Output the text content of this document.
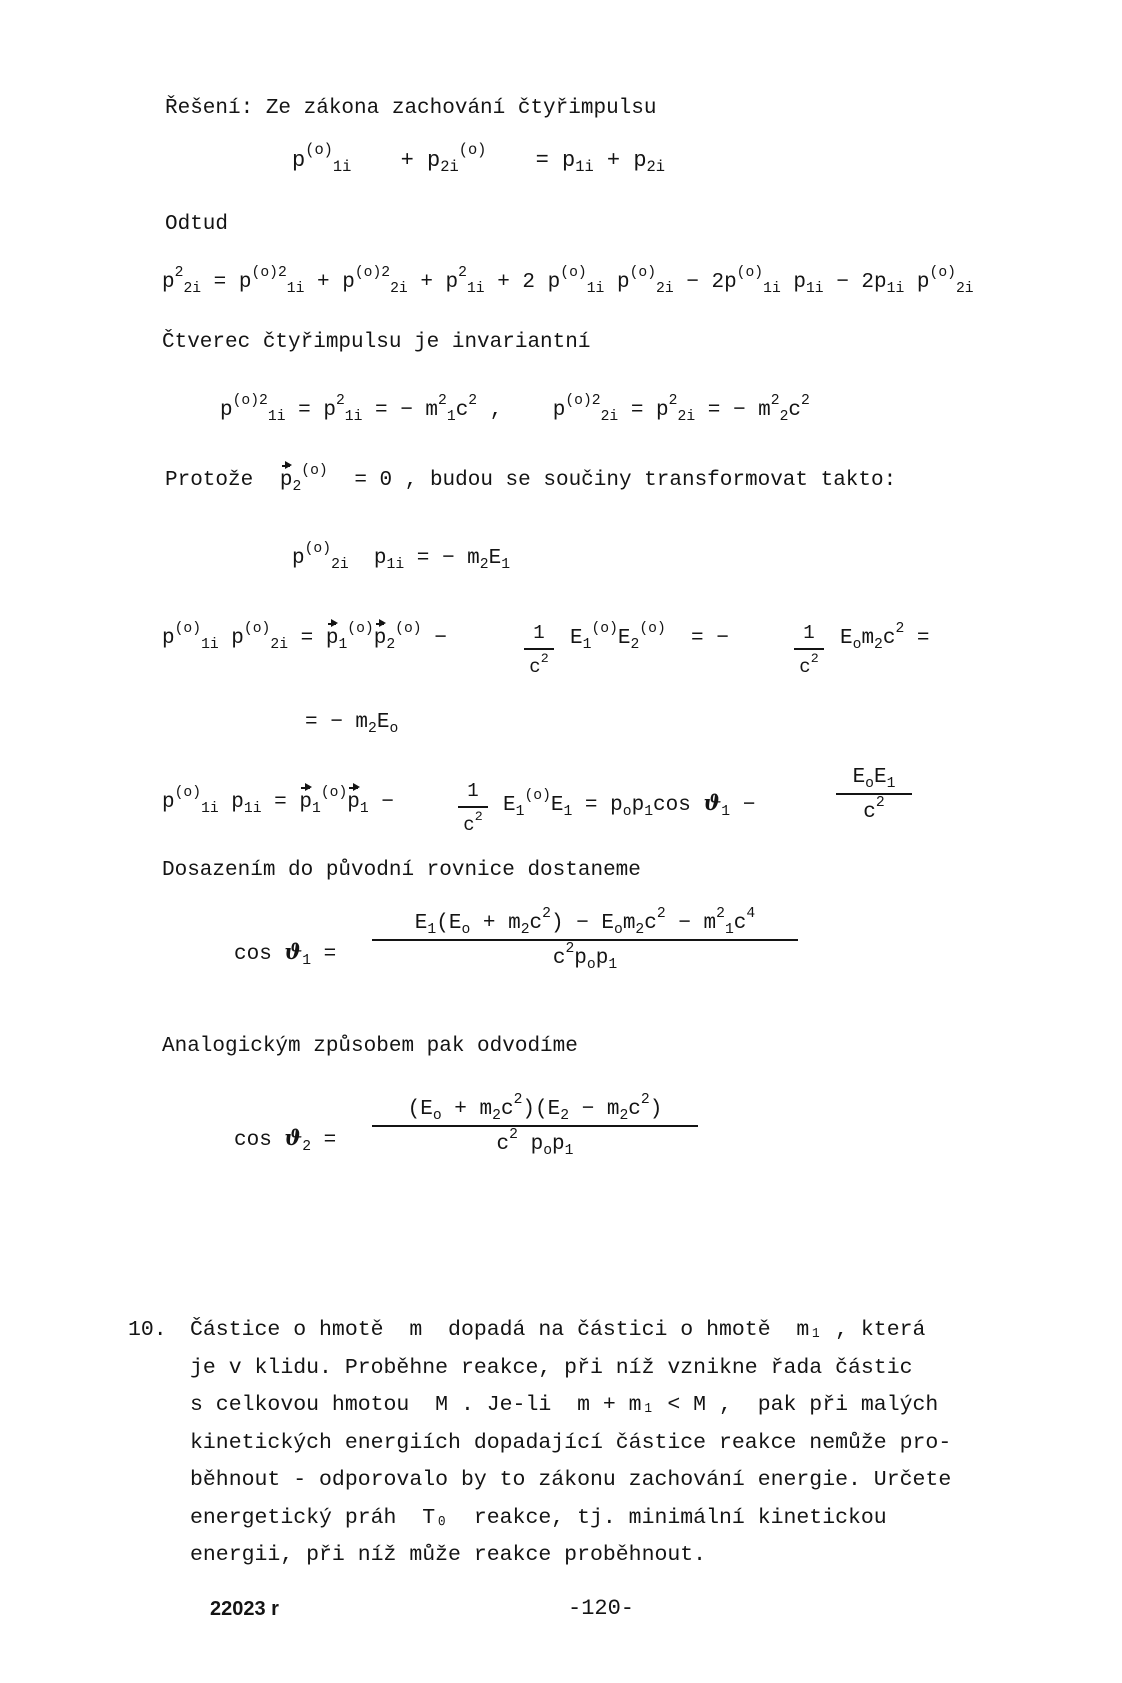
Řešení: Ze zákona zachování čtyřimpulsu
$p^{(o)}_{1i} + p_{2i}^{(o)} = p_{1i} + p_{2i}$
Odtud
$p^2_{2i} = p^{(o)2}_{1i} + p^{(o)2}_{2i} + p^2_{1i} + 2$ $p^{(o)}_{1i}$ $p^{(o)}_{2i} - 2p^{(o)}_{1i}$ $p_{1i} - 2p_{1i}$ $p^{(o)}_{2i}$
Čtverec čtyřimpulsu je invariantní
$p^{(o)2}_{1i} = p^2_{1i}$ = − $m^2_1c^2$ ,    $p^{(o)2}_{2i} = p^2_{2i}$ = − $m^2_2c^2$
Protože $p_2^{(o)} = 0$ , budou se součiny transformovat takto:
$p^{(o)}_{2i}$  $p_{1i}$ = − $m_2E_1$
$p^{(o)}_{1i}$ $p^{(o)}_{2i} = p_1^{(o)}p_2^{(o)}$ −	1
$c^2$
$E_1^{(o)}E_2^{(o)}$  = −	1
$c^2$
$E_om_2c^2$ =
= − $m_2E_o$
$p^{(o)}_{1i}$ $p_{1i} = p_1^{(o)}p_1$ −	1
$c^2$ $E_1^{(o)}E_1 = p_op_1\cos$ $ϑ_1$ −
$E_oE_1$
$c^2$
Dosazením do původní rovnice dostaneme
$\cos ϑ_1$ =
$E_1(E_o + m_2c^2) - E_om_2c^2 - m^2_1c^4$
$c^2p_op_1$
Analogickým způsobem pak odvodíme
$\cos ϑ_2$ =
$(E_o + m_2c^2)(E_2 - m_2c^2)$
$c^2$ $p_op_1$
10. Částice o hmotě  m  dopadá na částici o hmotě  m₁ , která
je v klidu. Proběhne reakce, při níž vznikne řada částic
s celkovou hmotou  M . Je-li  m + m₁ < M ,  pak při malých
kinetických energiích dopadající částice reakce nemůže pro-
běhnout - odporovalo by to zákonu zachování energie. Určete
energetický práh  T₀  reakce, tj. minimální kinetickou
energii, při níž může reakce proběhnout.
22023 r	-120-
